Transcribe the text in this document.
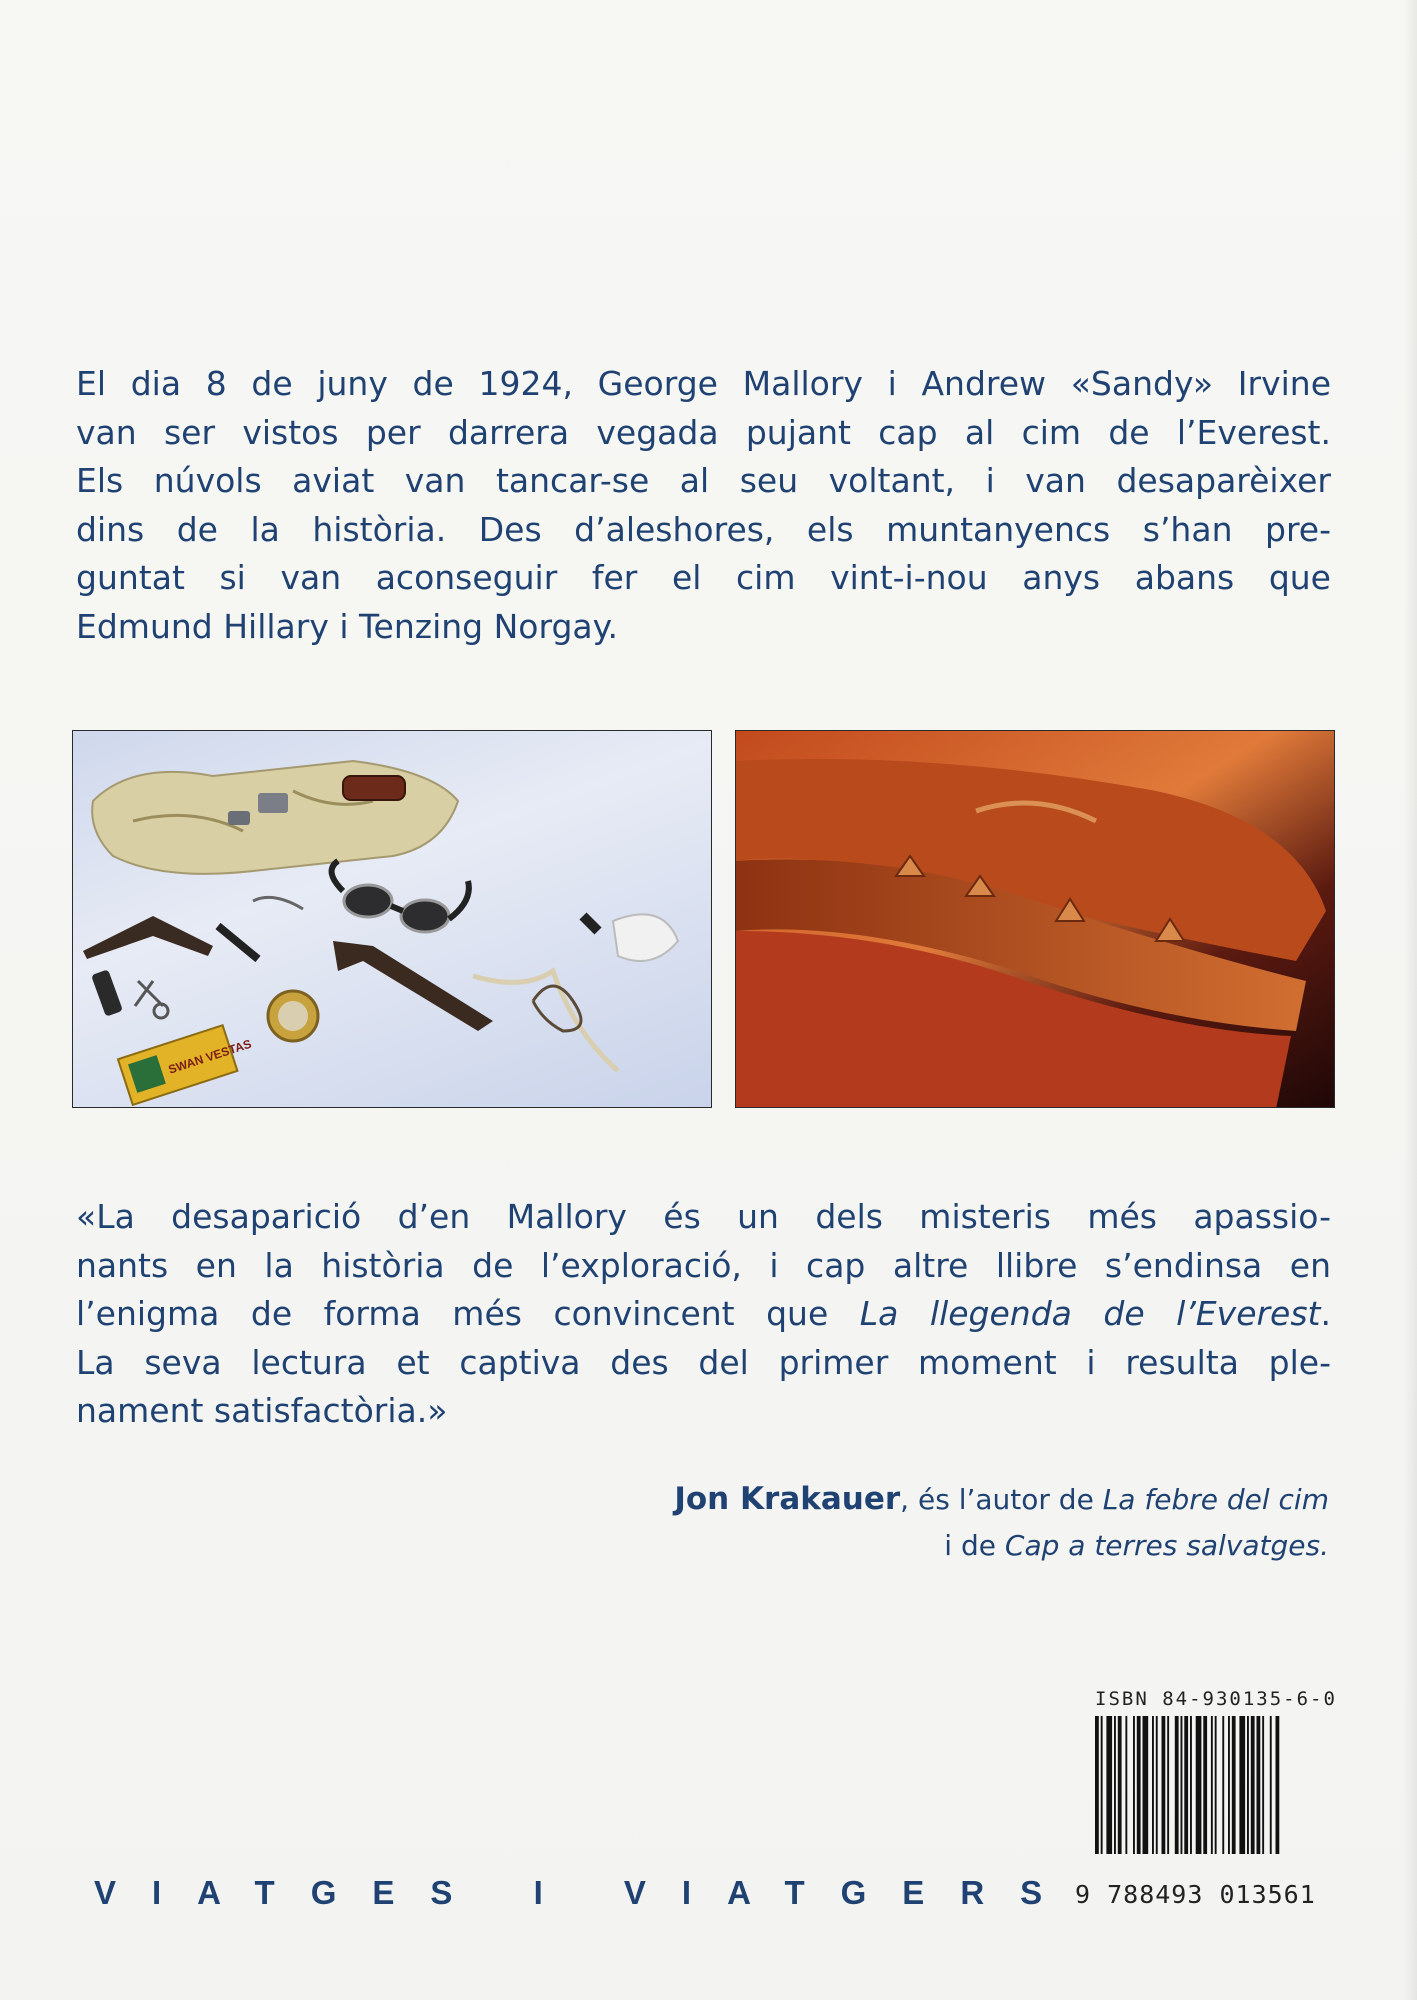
El dia 8 de juny de 1924, George Mallory i Andrew «Sandy» Irvine
van ser vistos per darrera vegada pujant cap al cim de l’Everest.
Els núvols aviat van tancar-se al seu voltant, i van desaparèixer
dins de la història. Des d’aleshores, els muntanyencs s’han pre-
guntat si van aconseguir fer el cim vint-i-nou anys abans que
Edmund Hillary i Tenzing Norgay.
SWAN VESTAS
«La desaparició d’en Mallory és un dels misteris més apassio-
nants en la història de l’exploració, i cap altre llibre s’endinsa en
l’enigma de forma més convincent que La llegenda de l’Everest.
La seva lectura et captiva des del primer moment i resulta ple-
nament satisfactòria.»
Jon Krakauer, és l’autor de La febre del cim
i de Cap a terres salvatges.
ISBN 84-930135-6-0
9 788493 013561
VIATGES I VIATGERS
